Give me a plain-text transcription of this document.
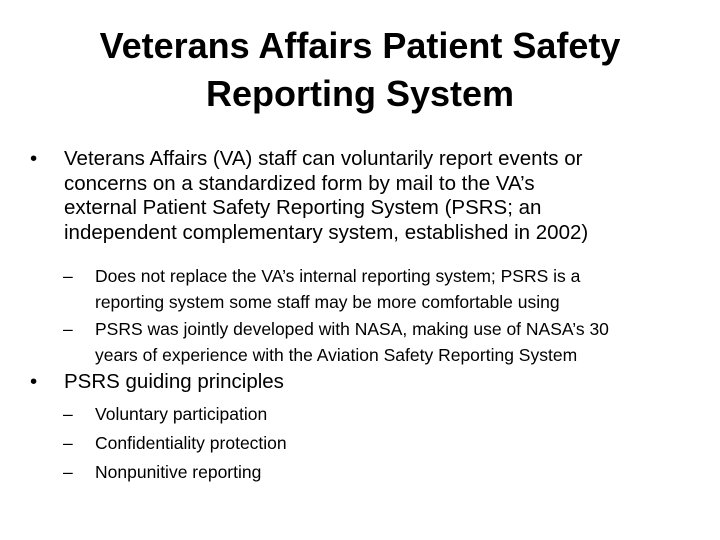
Veterans Affairs Patient Safety
Reporting System
• Veterans Affairs (VA) staff can voluntarily report events or
concerns on a standardized form by mail to the VA’s
external Patient Safety Reporting System (PSRS; an
independent complementary system, established in 2002)
– Does not replace the VA’s internal reporting system; PSRS is a
reporting system some staff may be more comfortable using
– PSRS was jointly developed with NASA, making use of NASA’s 30
years of experience with the Aviation Safety Reporting System
• PSRS guiding principles
– Voluntary participation
– Confidentiality protection
– Nonpunitive reporting
